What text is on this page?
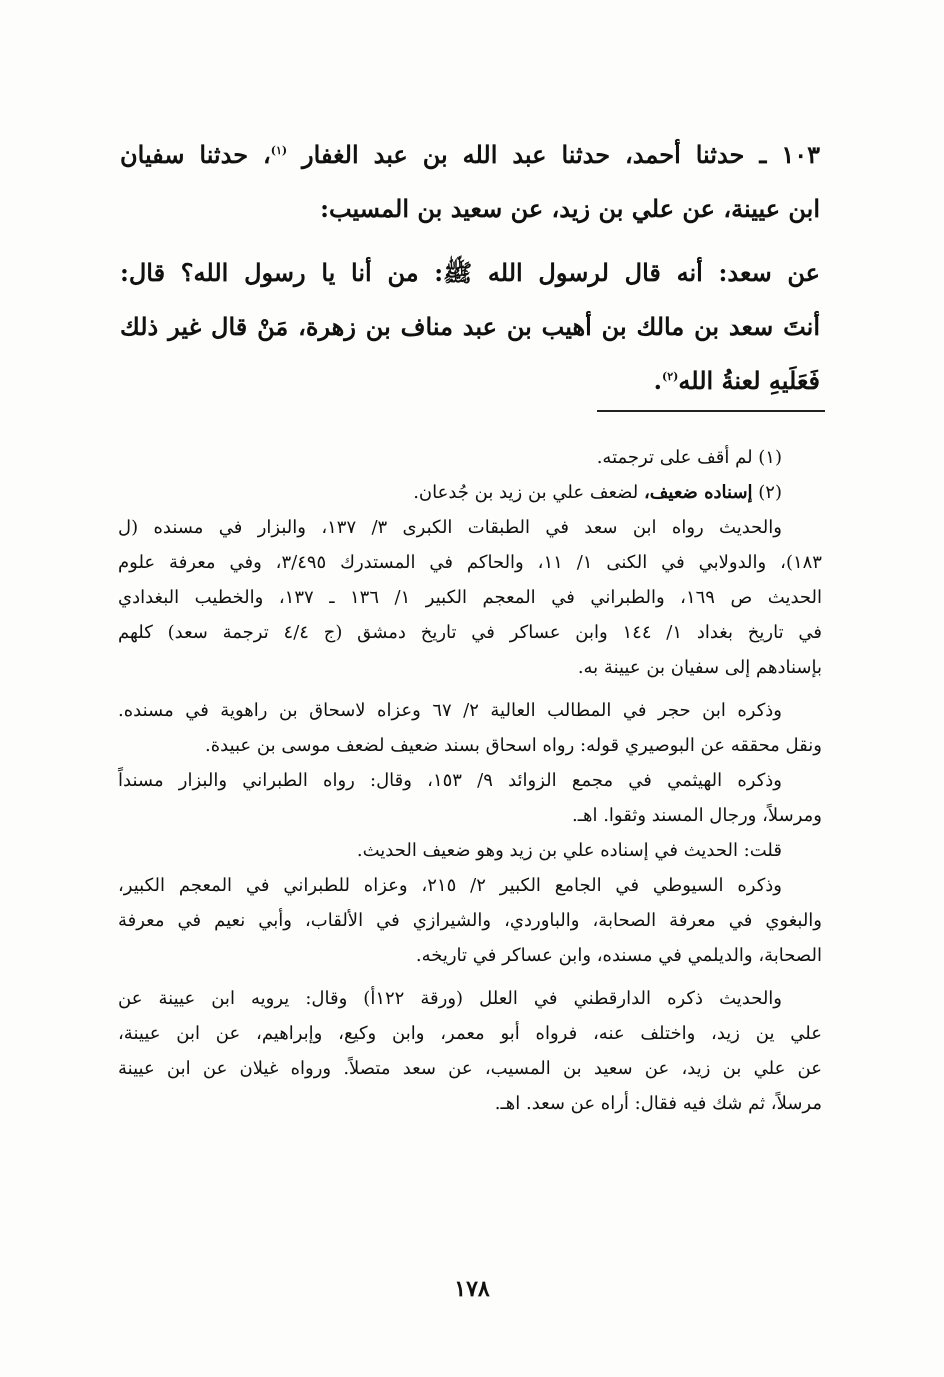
١٠٣ ـ حدثنا أحمد، حدثنا عبد الله بن عبد الغفار $^{(١)}$، حدثنا سفيان
ابن عيينة، عن علي بن زيد، عن سعيد بن المسيب:

عن سعد: أنه قال لرسول الله ﷺ: من أنا يا رسول الله؟ قال:
أنتَ سعد بن مالك بن أهيب بن عبد مناف بن زهرة، مَنْ قال غير ذلك
فَعَلَيهِ لعنةُ الله$^{(٢)}$.

(١) لم أقف على ترجمته.

(٢) إسناده ضعيف، لضعف علي بن زيد بن جُدعان.

والحديث رواه ابن سعد في الطبقات الكبرى ٣/ ١٣٧، والبزار في مسنده (ل
١٨٣)، والدولابي في الكنى ١/ ١١، والحاكم في المستدرك ٣/٤٩٥، وفي معرفة علوم
الحديث ص ١٦٩، والطبراني في المعجم الكبير ١/ ١٣٦ ـ ١٣٧، والخطيب البغدادي
في تاريخ بغداد ١/ ١٤٤ وابن عساكر في تاريخ دمشق (ج ٤/٤ ترجمة سعد) كلهم
بإسنادهم إلى سفيان بن عيينة به.

وذكره ابن حجر في المطالب العالية ٢/ ٦٧ وعزاه لاسحاق بن راهوية في مسنده.
ونقل محققه عن البوصيري قوله: رواه اسحاق بسند ضعيف لضعف موسى بن عبيدة.

وذكره الهيثمي في مجمع الزوائد ٩/ ١٥٣، وقال: رواه الطبراني والبزار مسنداً
ومرسلاً، ورجال المسند وثقوا. اهـ.

قلت: الحديث في إسناده علي بن زيد وهو ضعيف الحديث.

وذكره السيوطي في الجامع الكبير ٢/ ٢١٥، وعزاه للطبراني في المعجم الكبير،
والبغوي في معرفة الصحابة، والباوردي، والشيرازي في الألقاب، وأبي نعيم في معرفة
الصحابة، والديلمي في مسنده، وابن عساكر في تاريخه.

والحديث ذكره الدارقطني في العلل (ورقة ١٢٢أ) وقال: يرويه ابن عيينة عن
علي ين زيد، واختلف عنه، فرواه أبو معمر، وابن وكيع، وإبراهيم، عن ابن عيينة،
عن علي بن زيد، عن سعيد بن المسيب، عن سعد متصلاً. ورواه غيلان عن ابن عيينة
مرسلاً، ثم شك فيه فقال: أراه عن سعد. اهـ.

١٧٨
